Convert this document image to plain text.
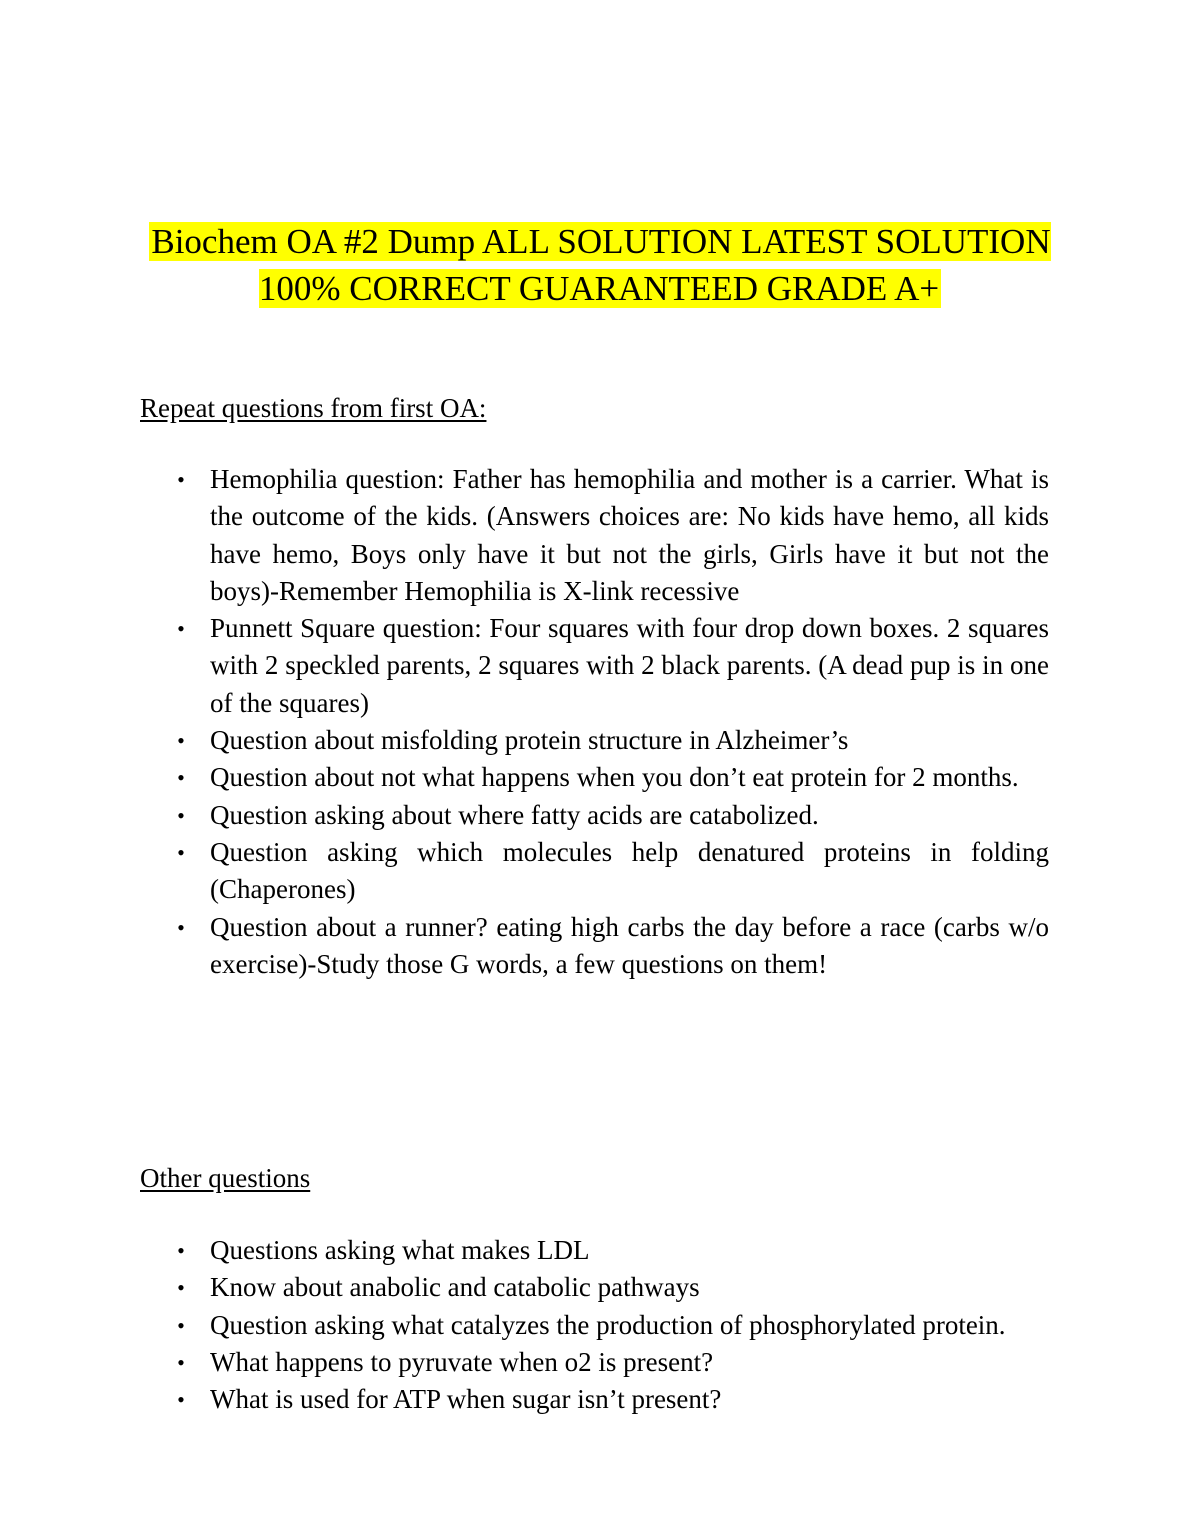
Biochem OA #2 Dump ALL SOLUTION LATEST SOLUTION 100% CORRECT GUARANTEED GRADE A+
Repeat questions from first OA:
• Hemophilia question: Father has hemophilia and mother is a carrier. What is the outcome of the kids. (Answers choices are: No kids have hemo, all kids have hemo, Boys only have it but not the girls, Girls have it but not the boys)-Remember Hemophilia is X-link recessive
• Punnett Square question: Four squares with four drop down boxes. 2 squares with 2 speckled parents, 2 squares with 2 black parents. (A dead pup is in one of the squares)
• Question about misfolding protein structure in Alzheimer’s
• Question about not what happens when you don’t eat protein for 2 months.
• Question asking about where fatty acids are catabolized.
• Question asking which molecules help denatured proteins in folding (Chaperones)
• Question about a runner? eating high carbs the day before a race (carbs w/o exercise)-Study those G words, a few questions on them!
Other questions
• Questions asking what makes LDL
• Know about anabolic and catabolic pathways
• Question asking what catalyzes the production of phosphorylated protein.
• What happens to pyruvate when o2 is present?
• What is used for ATP when sugar isn’t present?
